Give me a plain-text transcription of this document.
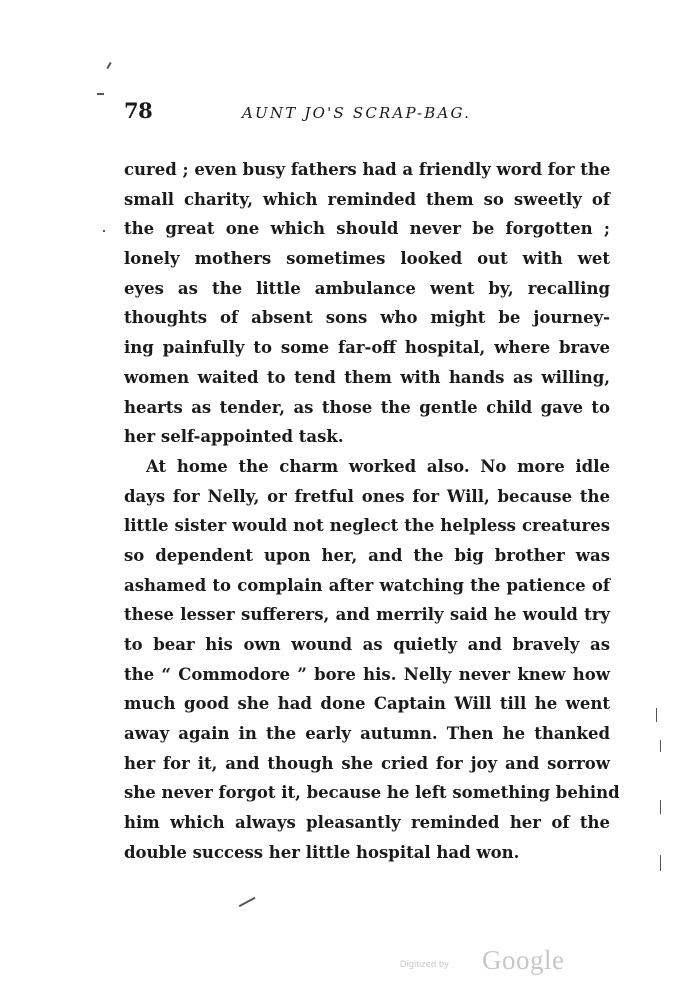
78	AUNT JO'S SCRAP-BAG.
cured ; even busy fathers had a friendly word for the
small charity, which reminded them so sweetly of
the great one which should never be forgotten ;
lonely mothers sometimes looked out with wet
eyes as the little ambulance went by, recalling
thoughts of absent sons who might be journey-
ing painfully to some far-off hospital, where brave
women waited to tend them with hands as willing,
hearts as tender, as those the gentle child gave to
her self-appointed task.
At home the charm worked also. No more idle
days for Nelly, or fretful ones for Will, because the
little sister would not neglect the helpless creatures
so dependent upon her, and the big brother was
ashamed to complain after watching the patience of
these lesser sufferers, and merrily said he would try
to bear his own wound as quietly and bravely as
the “ Commodore ” bore his. Nelly never knew how
much good she had done Captain Will till he went
away again in the early autumn. Then he thanked
her for it, and though she cried for joy and sorrow
she never forgot it, because he left something behind
him which always pleasantly reminded her of the
double success her little hospital had won.
Digitized by Google
